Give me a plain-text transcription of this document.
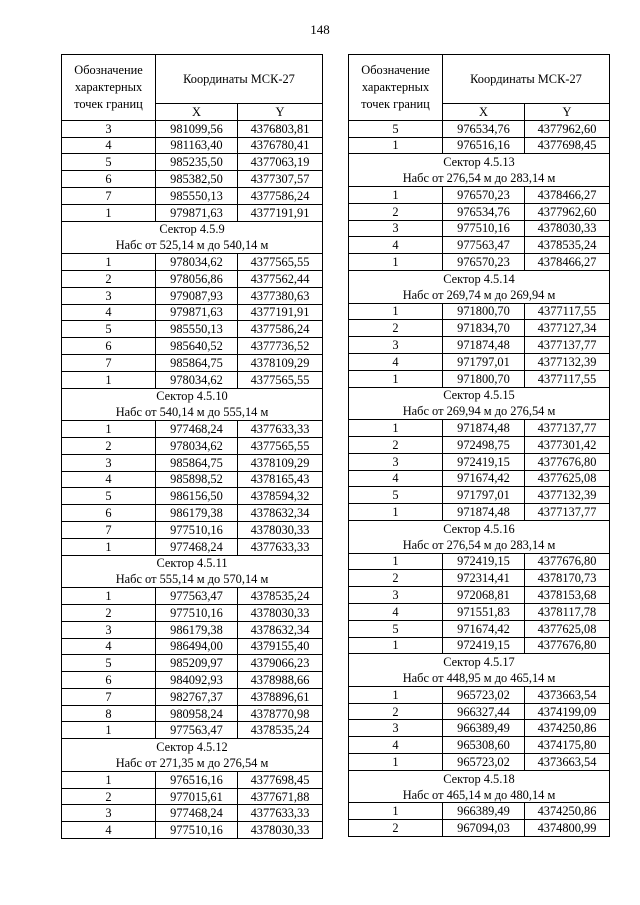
148
Обозначение характерных точек границ	Координаты МСК-27	
	X	Y
3	981099,56	4376803,81
4	981163,40	4376780,41
5	985235,50	4377063,19
6	985382,50	4377307,57
7	985550,13	4377586,24
1	979871,63	4377191,91
Сектор 4.5.9		
Набс от 525,14 м до 540,14 м		
1	978034,62	4377565,55
2	978056,86	4377562,44
3	979087,93	4377380,63
4	979871,63	4377191,91
5	985550,13	4377586,24
6	985640,52	4377736,52
7	985864,75	4378109,29
1	978034,62	4377565,55
Сектор 4.5.10		
Набс от 540,14 м до 555,14 м		
1	977468,24	4377633,33
2	978034,62	4377565,55
3	985864,75	4378109,29
4	985898,52	4378165,43
5	986156,50	4378594,32
6	986179,38	4378632,34
7	977510,16	4378030,33
1	977468,24	4377633,33
Сектор 4.5.11		
Набс от 555,14 м до 570,14 м		
1	977563,47	4378535,24
2	977510,16	4378030,33
3	986179,38	4378632,34
4	986494,00	4379155,40
5	985209,97	4379066,23
6	984092,93	4378988,66
7	982767,37	4378896,61
8	980958,24	4378770,98
1	977563,47	4378535,24
Сектор 4.5.12		
Набс от 271,35 м до 276,54 м		
1	976516,16	4377698,45
2	977015,61	4377671,88
3	977468,24	4377633,33
4	977510,16	4378030,33
Обозначение характерных точек границ	Координаты МСК-27	
	X	Y
5	976534,76	4377962,60
1	976516,16	4377698,45
Сектор 4.5.13		
Набс от 276,54 м до 283,14 м		
1	976570,23	4378466,27
2	976534,76	4377962,60
3	977510,16	4378030,33
4	977563,47	4378535,24
1	976570,23	4378466,27
Сектор 4.5.14		
Набс от 269,74 м до 269,94 м		
1	971800,70	4377117,55
2	971834,70	4377127,34
3	971874,48	4377137,77
4	971797,01	4377132,39
1	971800,70	4377117,55
Сектор 4.5.15		
Набс от 269,94 м до 276,54 м		
1	971874,48	4377137,77
2	972498,75	4377301,42
3	972419,15	4377676,80
4	971674,42	4377625,08
5	971797,01	4377132,39
1	971874,48	4377137,77
Сектор 4.5.16		
Набс от 276,54 м до 283,14 м		
1	972419,15	4377676,80
2	972314,41	4378170,73
3	972068,81	4378153,68
4	971551,83	4378117,78
5	971674,42	4377625,08
1	972419,15	4377676,80
Сектор 4.5.17		
Набс от 448,95 м до 465,14 м		
1	965723,02	4373663,54
2	966327,44	4374199,09
3	966389,49	4374250,86
4	965308,60	4374175,80
1	965723,02	4373663,54
Сектор 4.5.18		
Набс от 465,14 м до 480,14 м		
1	966389,49	4374250,86
2	967094,03	4374800,99
